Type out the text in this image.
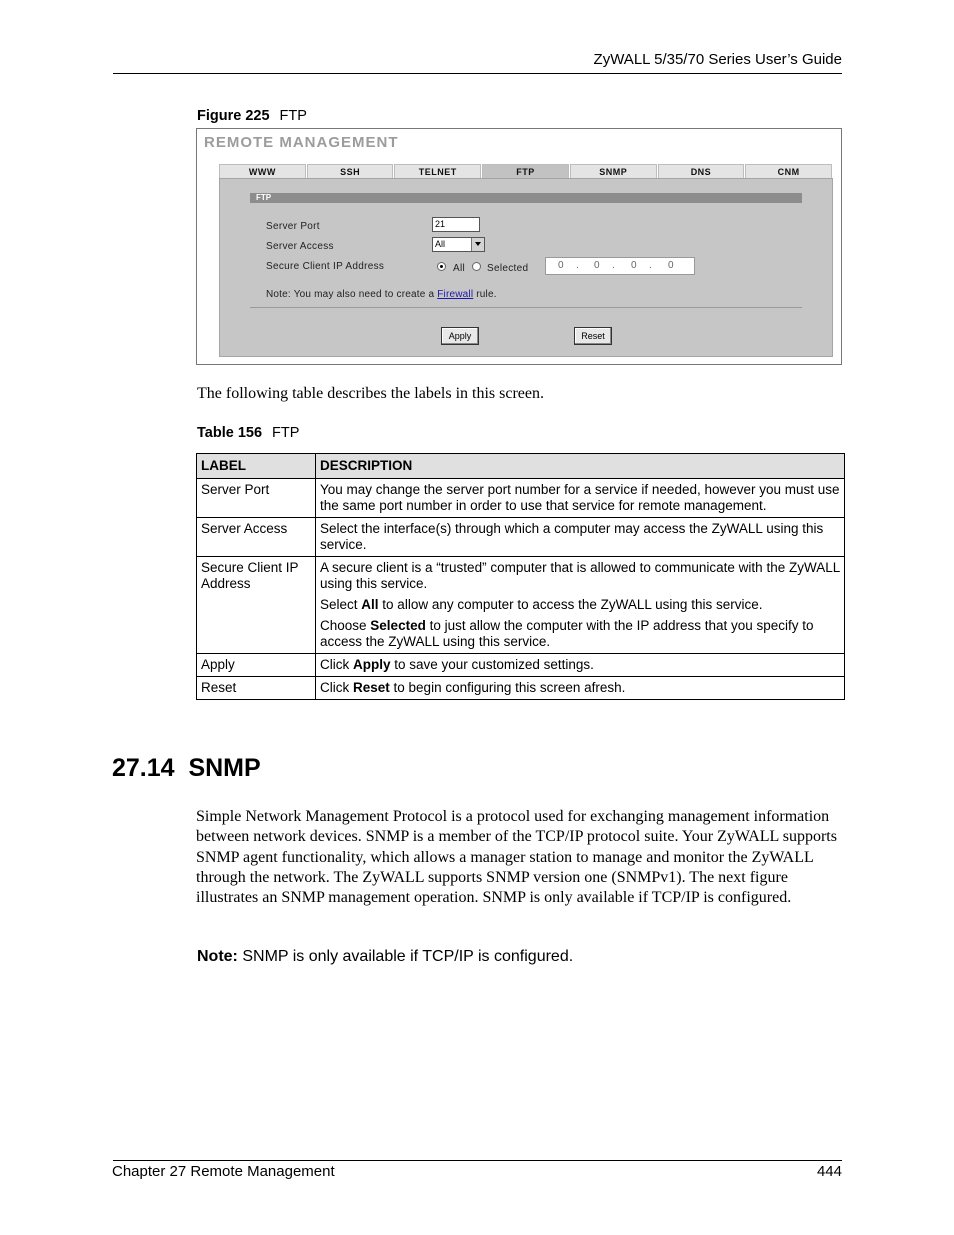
ZyWALL 5/35/70 Series User’s Guide
Figure 225 FTP
REMOTE MANAGEMENT
WWW	SSH	TELNET	FTP	SNMP	DNS	CNM
FTP
Server Port	21
Server Access	All
Secure Client IP Address	All Selected	0 . 0 . 0 . 0
Note: You may also need to create a Firewall rule.
Apply	Reset
The following table describes the labels in this screen.
Table 156 FTP
LABEL	DESCRIPTION
Server Port	You may change the server port number for a service if needed, however you must use the same port number in order to use that service for remote management.
Server Access	Select the interface(s) through which a computer may access the ZyWALL using this service.
Secure Client IP Address	A secure client is a “trusted” computer that is allowed to communicate with the ZyWALL using this service.

Select All to allow any computer to access the ZyWALL using this service.

Choose Selected to just allow the computer with the IP address that you specify to access the ZyWALL using this service.

Apply	Click Apply to save your customized settings.
Reset	Click Reset to begin configuring this screen afresh.
27.14  SNMP
Simple Network Management Protocol is a protocol used for exchanging management information between network devices. SNMP is a member of the TCP/IP protocol suite. Your ZyWALL supports SNMP agent functionality, which allows a manager station to manage and monitor the ZyWALL through the network. The ZyWALL supports SNMP version one (SNMPv1). The next figure illustrates an SNMP management operation. SNMP is only available if TCP/IP is configured.
Note: SNMP is only available if TCP/IP is configured.
Chapter 27 Remote Management	444
